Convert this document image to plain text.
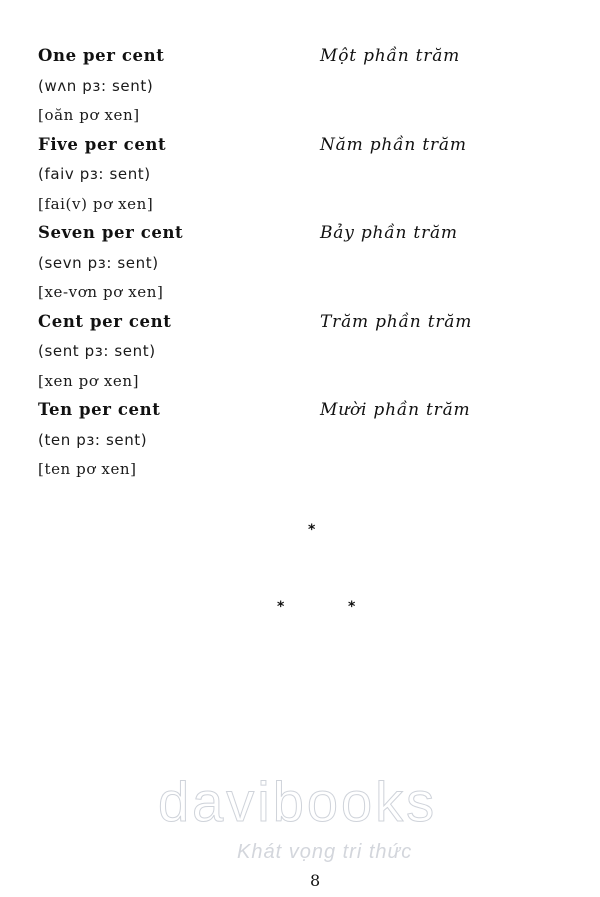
One per cent
(wʌn pɜ: sent)
[oăn pơ xen]
Một phần trăm
Five per cent
(faiv pɜ: sent)
[fai(v) pơ xen]
Năm phần trăm
Seven per cent
(sevn pɜ: sent)
[xe-vơn pơ xen]
Bảy phần trăm
Cent per cent
(sent pɜ: sent)
[xen pơ xen]
Trăm phần trăm
Ten per cent
(ten pɜ: sent)
[ten pơ xen]
Mười phần trăm
*
*	*
davibooks
Khát vọng tri thức
8
